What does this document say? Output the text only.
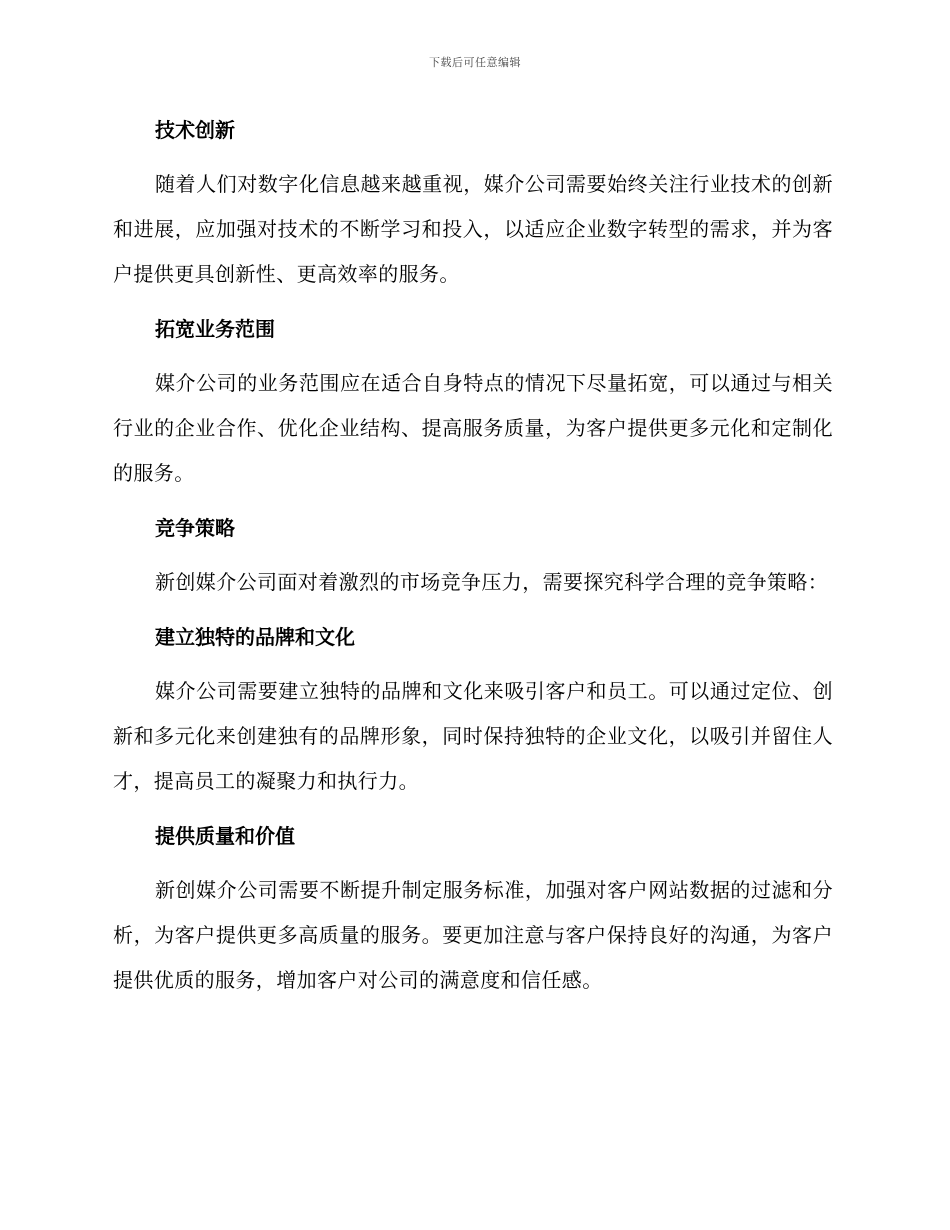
下载后可任意编辑
技术创新

随着人们对数字化信息越来越重视，媒介公司需要始终关注行业技术的创新和进展，应加强对技术的不断学习和投入，以适应企业数字转型的需求，并为客户提供更具创新性、更高效率的服务。

拓宽业务范围

媒介公司的业务范围应在适合自身特点的情况下尽量拓宽，可以通过与相关行业的企业合作、优化企业结构、提高服务质量，为客户提供更多元化和定制化的服务。

竞争策略

新创媒介公司面对着激烈的市场竞争压力，需要探究科学合理的竞争策略：

建立独特的品牌和文化

媒介公司需要建立独特的品牌和文化来吸引客户和员工。可以通过定位、创新和多元化来创建独有的品牌形象，同时保持独特的企业文化，以吸引并留住人才，提高员工的凝聚力和执行力。

提供质量和价值

新创媒介公司需要不断提升制定服务标准，加强对客户网站数据的过滤和分析，为客户提供更多高质量的服务。要更加注意与客户保持良好的沟通，为客户提供优质的服务，增加客户对公司的满意度和信任感。
